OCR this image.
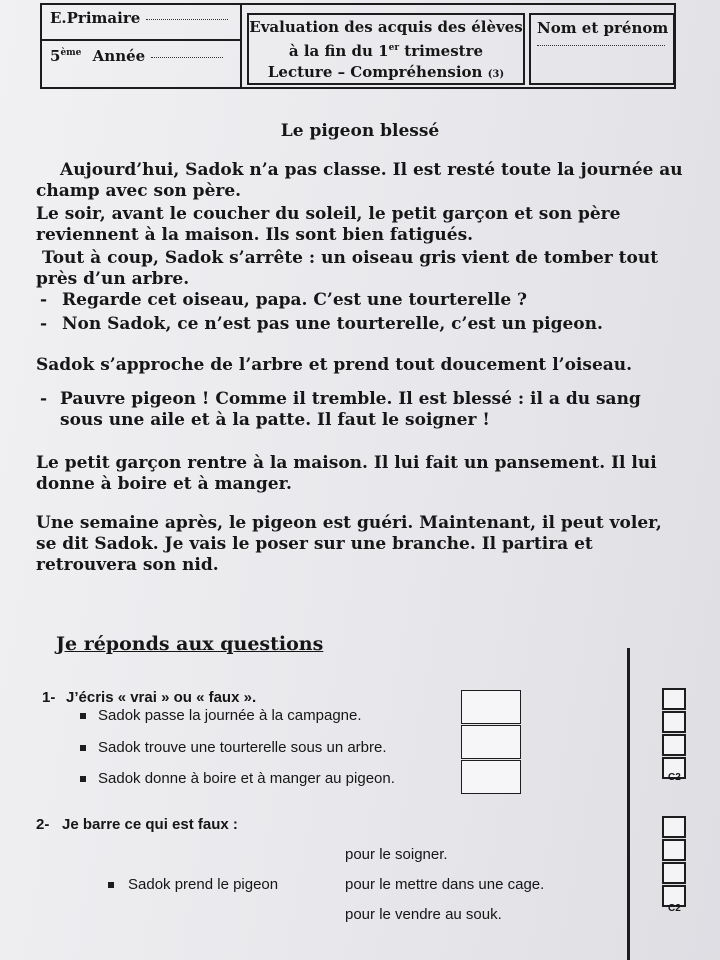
E.Primaire
5ème Année
Evaluation des acquis des élèves
à la fin du 1er trimestre
Lecture – Compréhension (3)
Nom et prénom
Le pigeon blessé

Aujourd’hui, Sadok n’a pas classe. Il est resté toute la journée au champ avec son père.

Le soir, avant le coucher du soleil, le petit garçon et son père reviennent à la maison. Ils sont bien fatigués.

Tout à coup, Sadok s’arrête : un oiseau gris vient de tomber tout près d’un arbre.

- Regarde cet oiseau, papa. C’est une tourterelle ?

- Non Sadok, ce n’est pas une tourterelle, c’est un pigeon.

Sadok s’approche de l’arbre et prend tout doucement l’oiseau.

- Pauvre pigeon ! Comme il tremble. Il est blessé : il a du sang sous une aile et à la patte. Il faut le soigner !

Le petit garçon rentre à la maison. Il lui fait un pansement. Il lui donne à boire et à manger.

Une semaine après, le pigeon est guéri. Maintenant, il peut voler, se dit Sadok. Je vais le poser sur une branche. Il partira et retrouvera son nid.

Je réponds aux questions
1- J’écris « vrai » ou « faux ».
Sadok passe la journée à la campagne.
Sadok trouve une tourterelle sous un arbre.
Sadok donne à boire et à manger au pigeon.
2- Je barre ce qui est faux :
Sadok prend le pigeon
pour le soigner.
pour le mettre dans une cage.
pour le vendre au souk.
C2
C2
